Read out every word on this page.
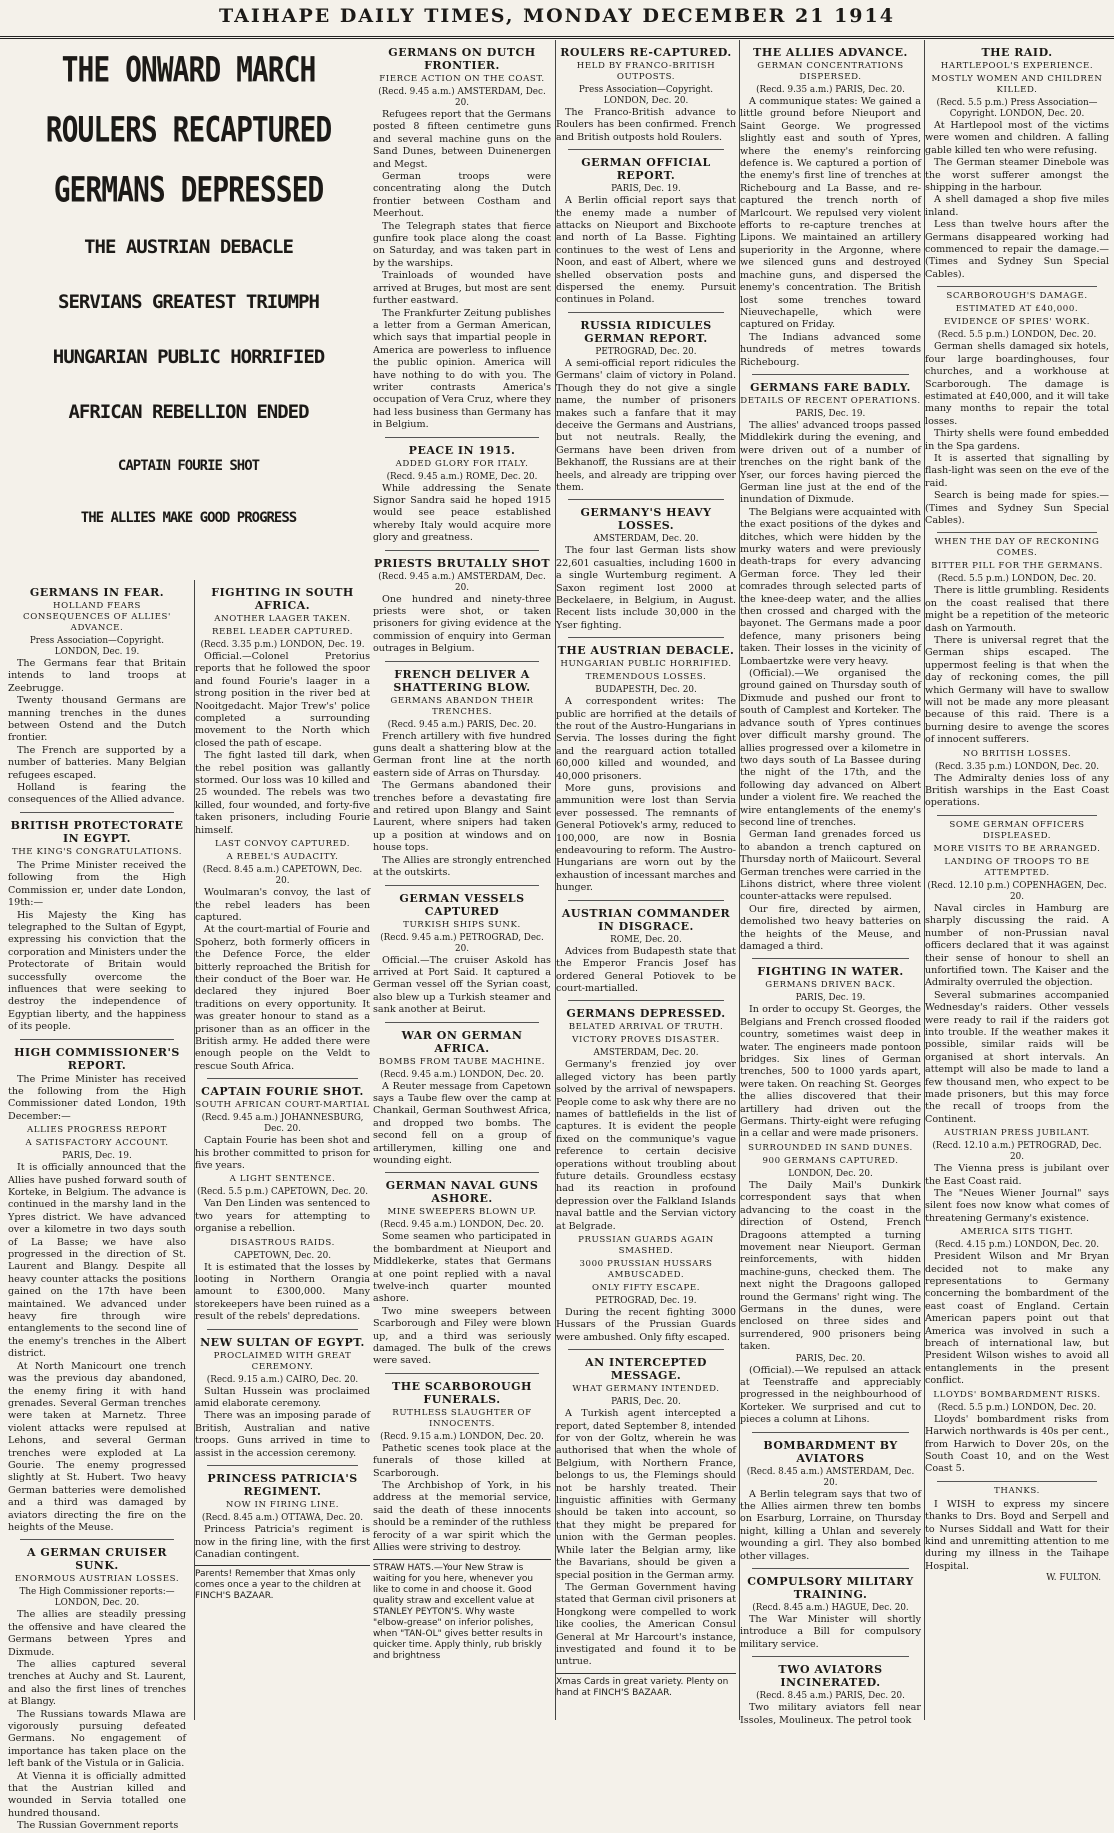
TAIHAPE DAILY TIMES, MONDAY DECEMBER 21 1914
THE ONWARD MARCH
ROULERS RECAPTURED
GERMANS DEPRESSED
THE AUSTRIAN DEBACLE
SERVIANS GREATEST TRIUMPH
HUNGARIAN PUBLIC HORRIFIED
AFRICAN REBELLION ENDED
CAPTAIN FOURIE SHOT
THE ALLIES MAKE GOOD PROGRESS
GERMANS IN FEAR.
HOLLAND FEARS CONSEQUENCES OF ALLIES' ADVANCE.
Press Association—Copyright. LONDON, Dec. 19.

The Germans fear that Britain intends to land troops at Zeebrugge.

Twenty thousand Germans are manning trenches in the dunes between Ostend and the Dutch frontier.

The French are supported by a number of batteries. Many Belgian refugees escaped.

Holland is fearing the consequences of the Allied advance.

BRITISH PROTECTORATE IN EGYPT.
THE KING'S CONGRATULATIONS.

The Prime Minister received the following from the High Commission er, under date London, 19th:—

His Majesty the King has telegraphed to the Sultan of Egypt, expressing his conviction that the corporation and Ministers under the Protectorate of Britain would successfully overcome the influences that were seeking to destroy the independence of Egyptian liberty, and the happiness of its people.

HIGH COMMISSIONER'S REPORT.

The Prime Minister has received the following from the High Commissioner dated London, 19th December:—

ALLIES PROGRESS REPORT
A SATISFACTORY ACCOUNT.
PARIS, Dec. 19.

It is officially announced that the Allies have pushed forward south of Korteke, in Belgium. The advance is continued in the marshy land in the Ypres district. We have advanced over a kilometre in two days south of La Basse; we have also progressed in the direction of St. Laurent and Blangy. Despite all heavy counter attacks the positions gained on the 17th have been maintained. We advanced under heavy fire through wire entanglements to the second line of the enemy's trenches in the Albert district.

At North Manicourt one trench was the previous day abandoned, the enemy firing it with hand grenades. Several German trenches were taken at Marnetz. Three violent attacks were repulsed at Lehons, and several German trenches were exploded at La Gourie. The enemy progressed slightly at St. Hubert. Two heavy German batteries were demolished and a third was damaged by aviators directing the fire on the heights of the Meuse.

A GERMAN CRUISER SUNK.
ENORMOUS AUSTRIAN LOSSES.
The High Commissioner reports:— LONDON, Dec. 20.

The allies are steadily pressing the offensive and have cleared the Germans between Ypres and Dixmude.

The allies captured several trenches at Auchy and St. Laurent, and also the first lines of trenches at Blangy.

The Russians towards Mlawa are vigorously pursuing defeated Germans. No engagement of importance has taken place on the left bank of the Vistula or in Galicia.

At Vienna it is officially admitted that the Austrian killed and wounded in Servia totalled one hundred thousand.

The Russian Government reports

FIGHTING IN SOUTH AFRICA.
ANOTHER LAAGER TAKEN.
REBEL LEADER CAPTURED.
(Recd. 3.35 p.m.) LONDON, Dec. 19.

Official.—Colonel Pretorius reports that he followed the spoor and found Fourie's laager in a strong position in the river bed at Nooitgedacht. Major Trew's' police completed a surrounding movement to the North which closed the path of escape.

The fight lasted till dark, when the rebel position was gallantly stormed. Our loss was 10 killed and 25 wounded. The rebels was two killed, four wounded, and forty-five taken prisoners, including Fourie himself.

LAST CONVOY CAPTURED.
A REBEL'S AUDACITY.
(Recd. 8.45 a.m.) CAPETOWN, Dec. 20.

Woulmaran's convoy, the last of the rebel leaders has been captured.

At the court-martial of Fourie and Spoherz, both formerly officers in the Defence Force, the elder bitterly reproached the British for their conduct of the Boer war. He declared they injured Boer traditions on every opportunity. It was greater honour to stand as a prisoner than as an officer in the British army. He added there were enough people on the Veldt to rescue South Africa.

CAPTAIN FOURIE SHOT.
SOUTH AFRICAN COURT-MARTIAL
(Recd. 9.45 a.m.) JOHANNESBURG, Dec. 20.

Captain Fourie has been shot and his brother committed to prison for five years.

A LIGHT SENTENCE.
(Recd. 5.5 p.m.) CAPETOWN, Dec. 20.

Van Den Linden was sentenced to two years for attempting to organise a rebellion.

DISASTROUS RAIDS.
CAPETOWN, Dec. 20.

It is estimated that the losses by looting in Northern Orangia amount to £300,000. Many storekeepers have been ruined as a result of the rebels' depredations.

NEW SULTAN OF EGYPT.
PROCLAIMED WITH GREAT CEREMONY.
(Recd. 9.15 a.m.) CAIRO, Dec. 20.

Sultan Hussein was proclaimed amid elaborate ceremony.

There was an imposing parade of British, Australian and native troops. Guns arrived in time to assist in the accession ceremony.

PRINCESS PATRICIA'S REGIMENT.
NOW IN FIRING LINE.
(Recd. 8.45 a.m.) OTTAWA, Dec. 20.

Princess Patricia's regiment is now in the firing line, with the first Canadian contingent.

Parents! Remember that Xmas only comes once a year to the children at FINCH'S BAZAAR.
GERMANS ON DUTCH FRONTIER.
FIERCE ACTION ON THE COAST.
(Recd. 9.45 a.m.) AMSTERDAM, Dec. 20.

Refugees report that the Germans posted 8 fifteen centimetre guns and several machine guns on the Sand Dunes, between Duinenergen and Megst.

German troops were concentrating along the Dutch frontier between Costham and Meerhout.

The Telegraph states that fierce gunfire took place along the coast on Saturday, and was taken part in by the warships.

Trainloads of wounded have arrived at Bruges, but most are sent further eastward.

The Frankfurter Zeitung publishes a letter from a German American, which says that impartial people in America are powerless to influence the public opinion. America will have nothing to do with you. The writer contrasts America's occupation of Vera Cruz, where they had less business than Germany has in Belgium.

PEACE IN 1915.
ADDED GLORY FOR ITALY.
(Recd. 9.45 a.m.) ROME, Dec. 20.

While addressing the Senate Signor Sandra said he hoped 1915 would see peace established whereby Italy would acquire more glory and greatness.

PRIESTS BRUTALLY SHOT
(Recd. 9.45 a.m.) AMSTERDAM, Dec. 20.

One hundred and ninety-three priests were shot, or taken prisoners for giving evidence at the commission of enquiry into German outrages in Belgium.

FRENCH DELIVER A SHATTERING BLOW.
GERMANS ABANDON THEIR TRENCHES.
(Recd. 9.45 a.m.) PARIS, Dec. 20.

French artillery with five hundred guns dealt a shattering blow at the German front line at the north eastern side of Arras on Thursday.

The Germans abandoned their trenches before a devastating fire and retired upon Blangy and Saint Laurent, where snipers had taken up a position at windows and on house tops.

The Allies are strongly entrenched at the outskirts.

GERMAN VESSELS CAPTURED
TURKISH SHIPS SUNK.
(Recd. 9.45 a.m.) PETROGRAD, Dec. 20.

Official.—The cruiser Askold has arrived at Port Said. It captured a German vessel off the Syrian coast, also blew up a Turkish steamer and sank another at Beirut.

WAR ON GERMAN AFRICA.
BOMBS FROM TAUBE MACHINE.
(Recd. 9.45 a.m.) LONDON, Dec. 20.

A Reuter message from Capetown says a Taube flew over the camp at Chankail, German Southwest Africa, and dropped two bombs. The second fell on a group of artillerymen, killing one and wounding eight.

GERMAN NAVAL GUNS ASHORE.
MINE SWEEPERS BLOWN UP.
(Recd. 9.45 a.m.) LONDON, Dec. 20.

Some seamen who participated in the bombardment at Nieuport and Middlekerke, states that Germans at one point replied with a naval twelve-inch quarter mounted ashore.

Two mine sweepers between Scarborough and Filey were blown up, and a third was seriously damaged. The bulk of the crews were saved.

THE SCARBOROUGH FUNERALS.
RUTHLESS SLAUGHTER OF INNOCENTS.
(Recd. 9.15 a.m.) LONDON, Dec. 20.

Pathetic scenes took place at the funerals of those killed at Scarborough.

The Archbishop of York, in his address at the memorial service, said the death of these innocents should be a reminder of the ruthless ferocity of a war spirit which the Allies were striving to destroy.

STRAW HATS.—Your New Straw is waiting for you here, whenever you like to come in and choose it. Good quality straw and excellent value at STANLEY PEYTON'S. Why waste "elbow-grease" on inferior polishes, when "TAN-OL" gives better results in quicker time. Apply thinly, rub briskly and brightness
ROULERS RE-CAPTURED.
HELD BY FRANCO-BRITISH OUTPOSTS.
Press Association—Copyright. LONDON, Dec. 20.

The Franco-British advance to Roulers has been confirmed. French and British outposts hold Roulers.

GERMAN OFFICIAL REPORT.
PARIS, Dec. 19.

A Berlin official report says that the enemy made a number of attacks on Nieuport and Bixchoote and north of La Basse. Fighting continues to the west of Lens and Noon, and east of Albert, where we shelled observation posts and dispersed the enemy. Pursuit continues in Poland.

RUSSIA RIDICULES GERMAN REPORT.
PETROGRAD, Dec. 20.

A semi-official report ridicules the Germans' claim of victory in Poland. Though they do not give a single name, the number of prisoners makes such a fanfare that it may deceive the Germans and Austrians, but not neutrals. Really, the Germans have been driven from Bekhanoff, the Russians are at their heels, and already are tripping over them.

GERMANY'S HEAVY LOSSES.
AMSTERDAM, Dec. 20.

The four last German lists show 22,601 casualties, including 1600 in a single Wurtemburg regiment. A Saxon regiment lost 2000 at Beckelaere, in Belgium, in August. Recent lists include 30,000 in the Yser fighting.

THE AUSTRIAN DEBACLE.
HUNGARIAN PUBLIC HORRIFIED.
TREMENDOUS LOSSES.
BUDAPESTH, Dec. 20.

A correspondent writes: The public are horrified at the details of the rout of the Austro-Hungarians in Servia. The losses during the fight and the rearguard action totalled 60,000 killed and wounded, and 40,000 prisoners.

More guns, provisions and ammunition were lost than Servia ever possessed. The remnants of General Potiovek's army, reduced to 100,000, are now in Bosnia endeavouring to reform. The Austro-Hungarians are worn out by the exhaustion of incessant marches and hunger.

AUSTRIAN COMMANDER IN DISGRACE.
ROME, Dec. 20.

Advices from Budapesth state that the Emperor Francis Josef has ordered General Potiovek to be court-martialled.

GERMANS DEPRESSED.
BELATED ARRIVAL OF TRUTH.
VICTORY PROVES DISASTER.
AMSTERDAM, Dec. 20.

Germany's frenzied joy over alleged victory has been partly solved by the arrival of newspapers. People come to ask why there are no names of battlefields in the list of captures. It is evident the people fixed on the communique's vague reference to certain decisive operations without troubling about future details. Groundless ecstasy had its reaction in profound depression over the Falkland Islands naval battle and the Servian victory at Belgrade.

PRUSSIAN GUARDS AGAIN SMASHED.
3000 PRUSSIAN HUSSARS AMBUSCADED.
ONLY FIFTY ESCAPE.
PETROGRAD, Dec. 19.

During the recent fighting 3000 Hussars of the Prussian Guards were ambushed. Only fifty escaped.

AN INTERCEPTED MESSAGE.
WHAT GERMANY INTENDED.
PARIS, Dec. 20.

A Turkish agent intercepted a report, dated September 8, intended for von der Goltz, wherein he was authorised that when the whole of Belgium, with Northern France, belongs to us, the Flemings should not be harshly treated. Their linguistic affinities with Germany should be taken into account, so that they might be prepared for union with the German peoples. While later the Belgian army, like the Bavarians, should be given a special position in the German army.

The German Government having stated that German civil prisoners at Hongkong were compelled to work like coolies, the American Consul General at Mr Harcourt's instance, investigated and found it to be untrue.

Xmas Cards in great variety. Plenty on hand at FINCH'S BAZAAR.
THE ALLIES ADVANCE.
GERMAN CONCENTRATIONS DISPERSED.
(Recd. 9.35 a.m.) PARIS, Dec. 20.

A communique states: We gained a little ground before Nieuport and Saint George. We progressed slightly east and south of Ypres, where the enemy's reinforcing defence is. We captured a portion of the enemy's first line of trenches at Richebourg and La Basse, and re-captured the trench north of Marlcourt. We repulsed very violent efforts to re-capture trenches at Lipons. We maintained an artillery superiority in the Argonne, where we silenced guns and destroyed machine guns, and dispersed the enemy's concentration. The British lost some trenches toward Nieuvechapelle, which were captured on Friday.

The Indians advanced some hundreds of metres towards Richebourg.

GERMANS FARE BADLY.
DETAILS OF RECENT OPERATIONS.
PARIS, Dec. 19.

The allies' advanced troops passed Middlekirk during the evening, and were driven out of a number of trenches on the right bank of the Yser, our forces having pierced the German line just at the end of the inundation of Dixmude.

The Belgians were acquainted with the exact positions of the dykes and ditches, which were hidden by the murky waters and were previously death-traps for every advancing German force. They led their comrades through selected parts of the knee-deep water, and the allies then crossed and charged with the bayonet. The Germans made a poor defence, many prisoners being taken. Their losses in the vicinity of Lombaertzke were very heavy.

(Official).—We organised the ground gained on Thursday south of Dixmude and pushed our front to south of Camplest and Korteker. The advance south of Ypres continues over difficult marshy ground. The allies progressed over a kilometre in two days south of La Bassee during the night of the 17th, and the following day advanced on Albert under a violent fire. We reached the wire entanglements of the enemy's second line of trenches.

German Iand grenades forced us to abandon a trench captured on Thursday north of Maiicourt. Several German trenches were carried in the Lihons district, where three violent counter-attacks were repulsed.

Our fire, directed by airmen, demolished two heavy batteries on the heights of the Meuse, and damaged a third.

FIGHTING IN WATER.
GERMANS DRIVEN BACK.
PARIS, Dec. 19.

In order to occupy St. Georges, the Belgians and French crossed flooded country, sometimes waist deep in water. The engineers made pontoon bridges. Six lines of German trenches, 500 to 1000 yards apart, were taken. On reaching St. Georges the allies discovered that their artillery had driven out the Germans. Thirty-eight were refuging in a cellar and were made prisoners.

SURROUNDED IN SAND DUNES.
900 GERMANS CAPTURED.
LONDON, Dec. 20.

The Daily Mail's Dunkirk correspondent says that when advancing to the coast in the direction of Ostend, French Dragoons attempted a turning movement near Nieuport. German reinforcements, with hidden machine-guns, checked them. The next night the Dragoons galloped round the Germans' right wing. The Germans in the dunes, were enclosed on three sides and surrendered, 900 prisoners being taken.

PARIS, Dec. 20.

(Official).—We repulsed an attack at Teenstraffe and appreciably progressed in the neighbourhood of Korteker. We surprised and cut to pieces a column at Lihons.

BOMBARDMENT BY AVIATORS
(Recd. 8.45 a.m.) AMSTERDAM, Dec. 20.

A Berlin telegram says that two of the Allies airmen threw ten bombs on Esarburg, Lorraine, on Thursday night, killing a Uhlan and severely wounding a girl. They also bombed other villages.

COMPULSORY MILITARY TRAINING.
(Recd. 8.45 a.m.) HAGUE, Dec. 20.

The War Minister will shortly introduce a Bill for compulsory military service.

TWO AVIATORS INCINERATED.
(Recd. 8.45 a.m.) PARIS, Dec. 20.

Two military aviators fell near Issoles, Moulineux. The petrol took

THE RAID.
HARTLEPOOL'S EXPERIENCE.
MOSTLY WOMEN AND CHILDREN KILLED.
(Recd. 5.5 p.m.) Press Association—Copyright. LONDON, Dec. 20.

At Hartlepool most of the victims were women and children. A falling gable killed ten who were refusing.

The German steamer Dinebole was the worst sufferer amongst the shipping in the harbour.

A shell damaged a shop five miles inland.

Less than twelve hours after the Germans disappeared working had commenced to repair the damage.—(Times and Sydney Sun Special Cables).

SCARBOROUGH'S DAMAGE.
ESTIMATED AT £40,000.
EVIDENCE OF SPIES' WORK.
(Recd. 5.5 p.m.) LONDON, Dec. 20.

German shells damaged six hotels, four large boardinghouses, four churches, and a workhouse at Scarborough. The damage is estimated at £40,000, and it will take many months to repair the total losses.

Thirty shells were found embedded in the Spa gardens.

It is asserted that signalling by flash-light was seen on the eve of the raid.

Search is being made for spies.—(Times and Sydney Sun Special Cables).

WHEN THE DAY OF RECKONING COMES.
BITTER PILL FOR THE GERMANS.
(Recd. 5.5 p.m.) LONDON, Dec. 20.

There is little grumbling. Residents on the coast realised that there might be a repetition of the meteoric dash on Yarmouth.

There is universal regret that the German ships escaped. The uppermost feeling is that when the day of reckoning comes, the pill which Germany will have to swallow will not be made any more pleasant because of this raid. There is a burning desire to avenge the scores of innocent sufferers.

NO BRITISH LOSSES.
(Recd. 3.35 p.m.) LONDON, Dec. 20.

The Admiralty denies loss of any British warships in the East Coast operations.

SOME GERMAN OFFICERS DISPLEASED.
MORE VISITS TO BE ARRANGED.
LANDING OF TROOPS TO BE ATTEMPTED.
(Recd. 12.10 p.m.) COPENHAGEN, Dec. 20.

Naval circles in Hamburg are sharply discussing the raid. A number of non-Prussian naval officers declared that it was against their sense of honour to shell an unfortified town. The Kaiser and the Admiralty overruled the objection.

Several submarines accompanied Wednesday's raiders. Other vessels were ready to rail if the raiders got into trouble. If the weather makes it possible, similar raids will be organised at short intervals. An attempt will also be made to land a few thousand men, who expect to be made prisoners, but this may force the recall of troops from the Continent.

AUSTRIAN PRESS JUBILANT.
(Recd. 12.10 a.m.) PETROGRAD, Dec. 20.

The Vienna press is jubilant over the East Coast raid.

The "Neues Wiener Journal" says silent foes now know what comes of threatening Germany's existence.

AMERICA SITS TIGHT.
(Recd. 4.15 p.m.) LONDON, Dec. 20.

President Wilson and Mr Bryan decided not to make any representations to Germany concerning the bombardment of the east coast of England. Certain American papers point out that America was involved in such a breach of international law, but President Wilson wishes to avoid all entanglements in the present conflict.

LLOYDS' BOMBARDMENT RISKS.
(Recd. 5.5 p.m.) LONDON, Dec. 20.

Lloyds' bombardment risks from Harwich northwards is 40s per cent., from Harwich to Dover 20s, on the South Coast 10, and on the West Coast 5.

THANKS.

I WISH to express my sincere thanks to Drs. Boyd and Serpell and to Nurses Siddall and Watt for their kind and unremitting attention to me during my illness in the Taihape Hospital.

W. FULTON.
